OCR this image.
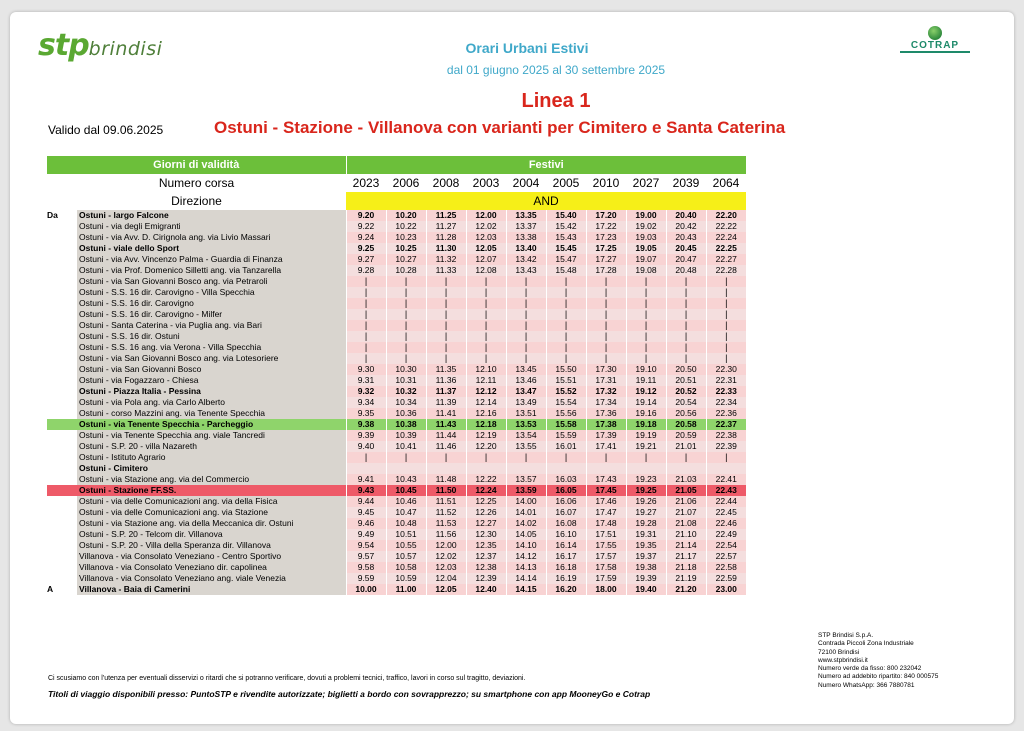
stpbrindisi	COTRAP
Orari Urbani Estivi
dal 01 giugno 2025 al 30 settembre 2025
Linea 1
Valido dal 09.06.2025	Ostuni - Stazione - Villanova con varianti per Cimitero e Santa Caterina
Giorni di validità		Festivi									
Numero corsa		2023	2006	2008	2003	2004	2005	2010	2027	2039	2064
Direzione		AND									
Da	Ostuni - largo Falcone	9.20	10.20	11.25	12.00	13.35	15.40	17.20	19.00	20.40	22.20
	Ostuni - via degli Emigranti	9.22	10.22	11.27	12.02	13.37	15.42	17.22	19.02	20.42	22.22
	Ostuni - via Avv. D. Cirignola ang. via Livio Massari	9.24	10.23	11.28	12.03	13.38	15.43	17.23	19.03	20.43	22.24
	Ostuni - viale dello Sport	9.25	10.25	11.30	12.05	13.40	15.45	17.25	19.05	20.45	22.25
	Ostuni - via Avv. Vincenzo Palma - Guardia di Finanza	9.27	10.27	11.32	12.07	13.42	15.47	17.27	19.07	20.47	22.27
	Ostuni - via Prof. Domenico Silletti ang. via Tanzarella	9.28	10.28	11.33	12.08	13.43	15.48	17.28	19.08	20.48	22.28
	Ostuni - via San Giovanni Bosco ang. via Petraroli	|	|	|	|	|	|	|	|	|	|
	Ostuni - S.S. 16 dir. Carovigno - Villa Specchia	|	|	|	|	|	|	|	|	|	|
	Ostuni - S.S. 16 dir. Carovigno	|	|	|	|	|	|	|	|	|	|
	Ostuni - S.S. 16 dir. Carovigno - Milfer	|	|	|	|	|	|	|	|	|	|
	Ostuni - Santa Caterina - via Puglia ang. via Bari	|	|	|	|	|	|	|	|	|	|
	Ostuni - S.S. 16 dir. Ostuni	|	|	|	|	|	|	|	|	|	|
	Ostuni - S.S. 16 ang. via Verona - Villa Specchia	|	|	|	|	|	|	|	|	|	|
	Ostuni - via San Giovanni Bosco ang. via Lotesoriere	|	|	|	|	|	|	|	|	|	|
	Ostuni - via San Giovanni Bosco	9.30	10.30	11.35	12.10	13.45	15.50	17.30	19.10	20.50	22.30
	Ostuni - via Fogazzaro - Chiesa	9.31	10.31	11.36	12.11	13.46	15.51	17.31	19.11	20.51	22.31
	Ostuni - Piazza Italia - Pessina	9.32	10.32	11.37	12.12	13.47	15.52	17.32	19.12	20.52	22.33
	Ostuni - via Pola ang. via Carlo Alberto	9.34	10.34	11.39	12.14	13.49	15.54	17.34	19.14	20.54	22.34
	Ostuni - corso Mazzini ang. via Tenente Specchia	9.35	10.36	11.41	12.16	13.51	15.56	17.36	19.16	20.56	22.36
	Ostuni - via Tenente Specchia - Parcheggio	9.38	10.38	11.43	12.18	13.53	15.58	17.38	19.18	20.58	22.37
	Ostuni - via Tenente Specchia ang. viale Tancredi	9.39	10.39	11.44	12.19	13.54	15.59	17.39	19.19	20.59	22.38
	Ostuni - S.P. 20 - villa Nazareth	9.40	10.41	11.46	12.20	13.55	16.01	17.41	19.21	21.01	22.39
	Ostuni - Istituto Agrario	|	|	|	|	|	|	|	|	|	|
	Ostuni - Cimitero										
	Ostuni - via Stazione ang. via del Commercio	9.41	10.43	11.48	12.22	13.57	16.03	17.43	19.23	21.03	22.41
	Ostuni - Stazione FF.SS.	9.43	10.45	11.50	12.24	13.59	16.05	17.45	19.25	21.05	22.43
	Ostuni - via delle Comunicazioni ang. via della Fisica	9.44	10.46	11.51	12.25	14.00	16.06	17.46	19.26	21.06	22.44
	Ostuni - via delle Comunicazioni ang. via Stazione	9.45	10.47	11.52	12.26	14.01	16.07	17.47	19.27	21.07	22.45
	Ostuni - via Stazione ang. via della Meccanica dir. Ostuni	9.46	10.48	11.53	12.27	14.02	16.08	17.48	19.28	21.08	22.46
	Ostuni - S.P. 20 - Telcom dir. Villanova	9.49	10.51	11.56	12.30	14.05	16.10	17.51	19.31	21.10	22.49
	Ostuni - S.P. 20 - Villa della Speranza dir. Villanova	9.54	10.55	12.00	12.35	14.10	16.14	17.55	19.35	21.14	22.54
	Villanova - via Consolato Veneziano - Centro Sportivo	9.57	10.57	12.02	12.37	14.12	16.17	17.57	19.37	21.17	22.57
	Villanova - via Consolato Veneziano dir. capolinea	9.58	10.58	12.03	12.38	14.13	16.18	17.58	19.38	21.18	22.58
	Villanova - via Consolato Veneziano ang. viale Venezia	9.59	10.59	12.04	12.39	14.14	16.19	17.59	19.39	21.19	22.59
A	Villanova - Baia di Camerini	10.00	11.00	12.05	12.40	14.15	16.20	18.00	19.40	21.20	23.00
Ci scusiamo con l'utenza per eventuali disservizi o ritardi che si potranno verificare, dovuti a problemi tecnici, traffico, lavori in corso sul tragitto, deviazioni.
Titoli di viaggio disponibili presso: PuntoSTP e rivendite autorizzate; biglietti a bordo con sovrapprezzo; su smartphone con app MooneyGo e Cotrap
STP Brindisi S.p.A.
Contrada Piccoli Zona Industriale
72100 Brindisi
www.stpbrindisi.it
Numero verde da fisso: 800 232042
Numero ad addebito ripartito: 840 000575
Numero WhatsApp: 366 7880781
